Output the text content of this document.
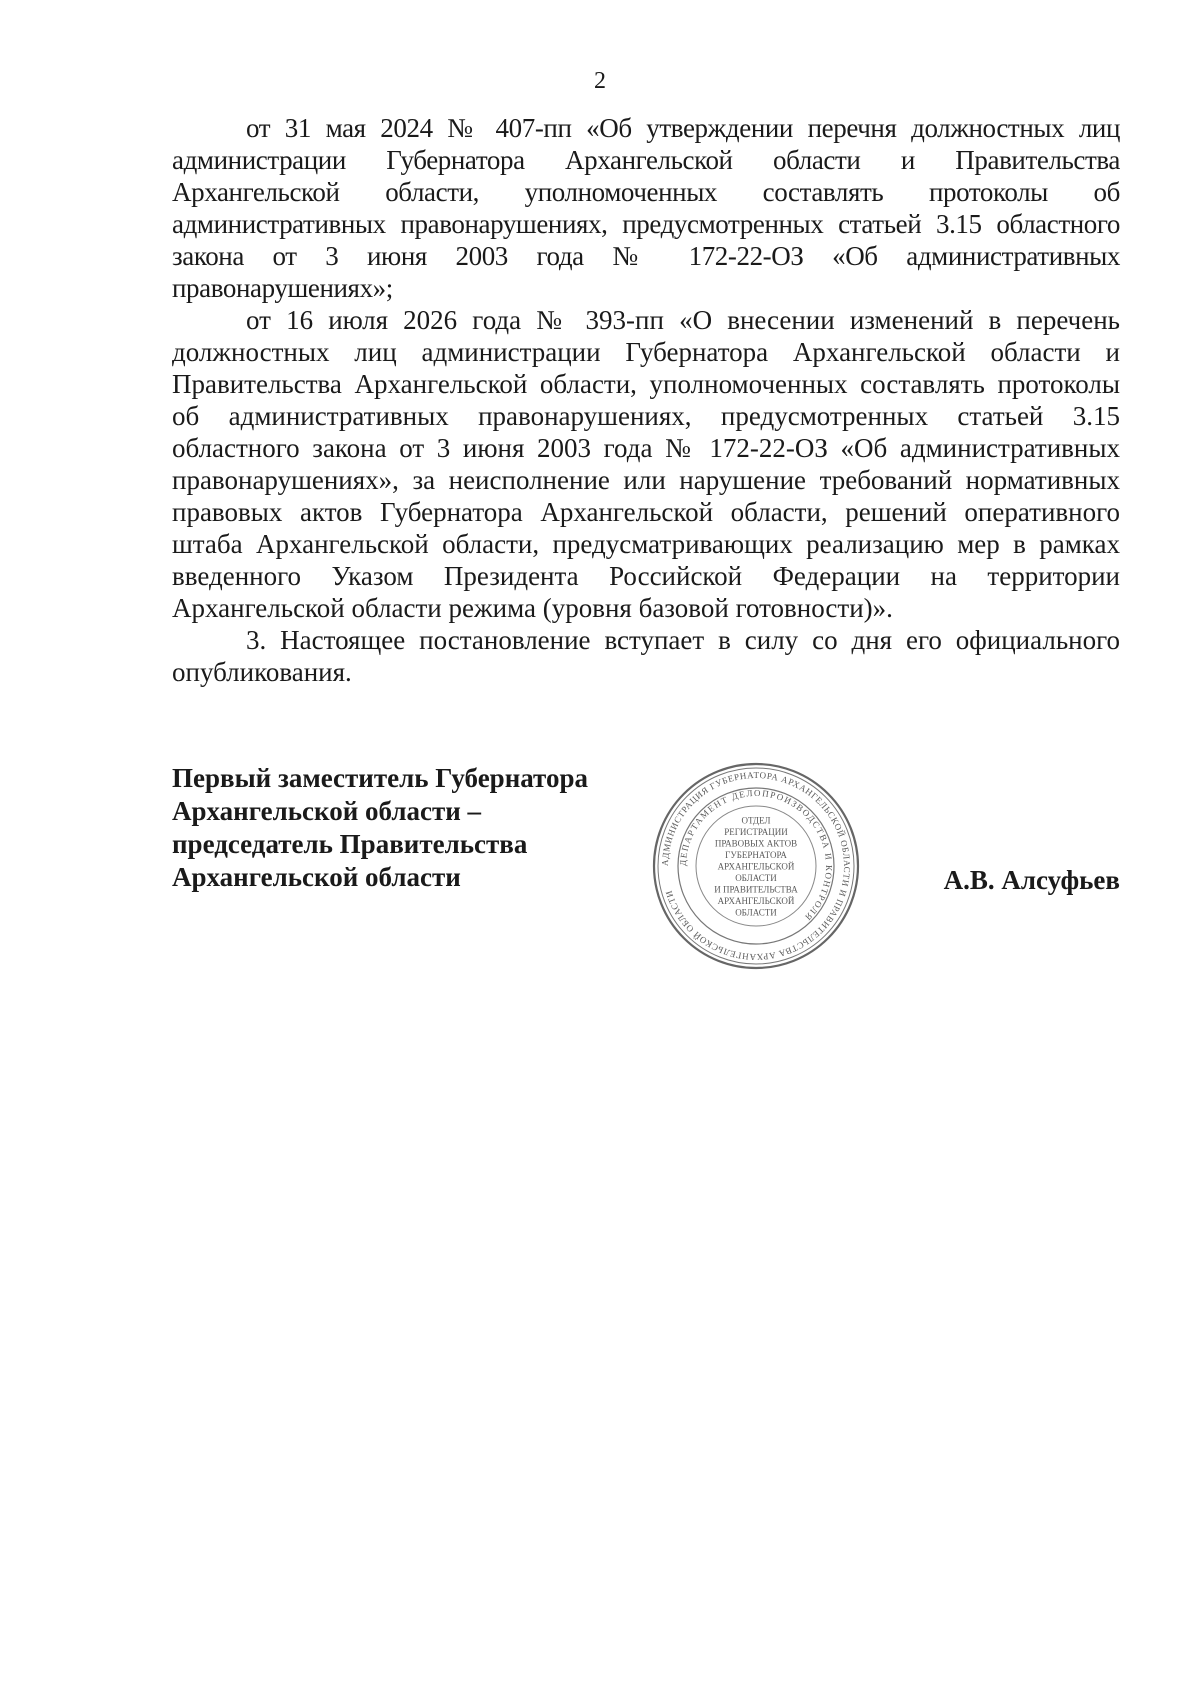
2

от 31 мая 2024 № 407-пп «Об утверждении перечня должностных лиц администрации Губернатора Архангельской области и Правительства Архангельской области, уполномоченных составлять протоколы об административных правонарушениях, предусмотренных статьей 3.15 областного закона от 3 июня 2003 года № 172-22-ОЗ «Об административных правонарушениях»;

от 16 июля 2026 года № 393-пп «О внесении изменений в перечень должностных лиц администрации Губернатора Архангельской области и Правительства Архангельской области, уполномоченных составлять протоколы об административных правонарушениях, предусмотренных статьей 3.15 областного закона от 3 июня 2003 года № 172-22-ОЗ «Об административных правонарушениях», за неисполнение или нарушение требований нормативных правовых актов Губернатора Архангельской области, решений оперативного штаба Архангельской области, предусматривающих реализацию мер в рамках введенного Указом Президента Российской Федерации на территории Архангельской области режима (уровня базовой готовности)».

3. Настоящее постановление вступает в силу со дня его официального опубликования.

Первый заместитель Губернатора
Архангельской области –
председатель Правительства
Архангельской области	АДМИНИСТРАЦИЯ ГУБЕРНАТОРА АРХАНГЕЛЬСКОЙ ОБЛАСТИ И ПРАВИТЕЛЬСТВА АРХАНГЕЛЬСКОЙ ОБЛАСТИ
ДЕПАРТАМЕНТ ДЕЛОПРОИЗВОДСТВА И КОНТРОЛЯ
ОТДЕЛ
РЕГИСТРАЦИИ
ПРАВОВЫХ АКТОВ
ГУБЕРНАТОРА
АРХАНГЕЛЬСКОЙ
ОБЛАСТИ
И ПРАВИТЕЛЬСТВА
АРХАНГЕЛЬСКОЙ
ОБЛАСТИ
А.В. Алсуфьев
